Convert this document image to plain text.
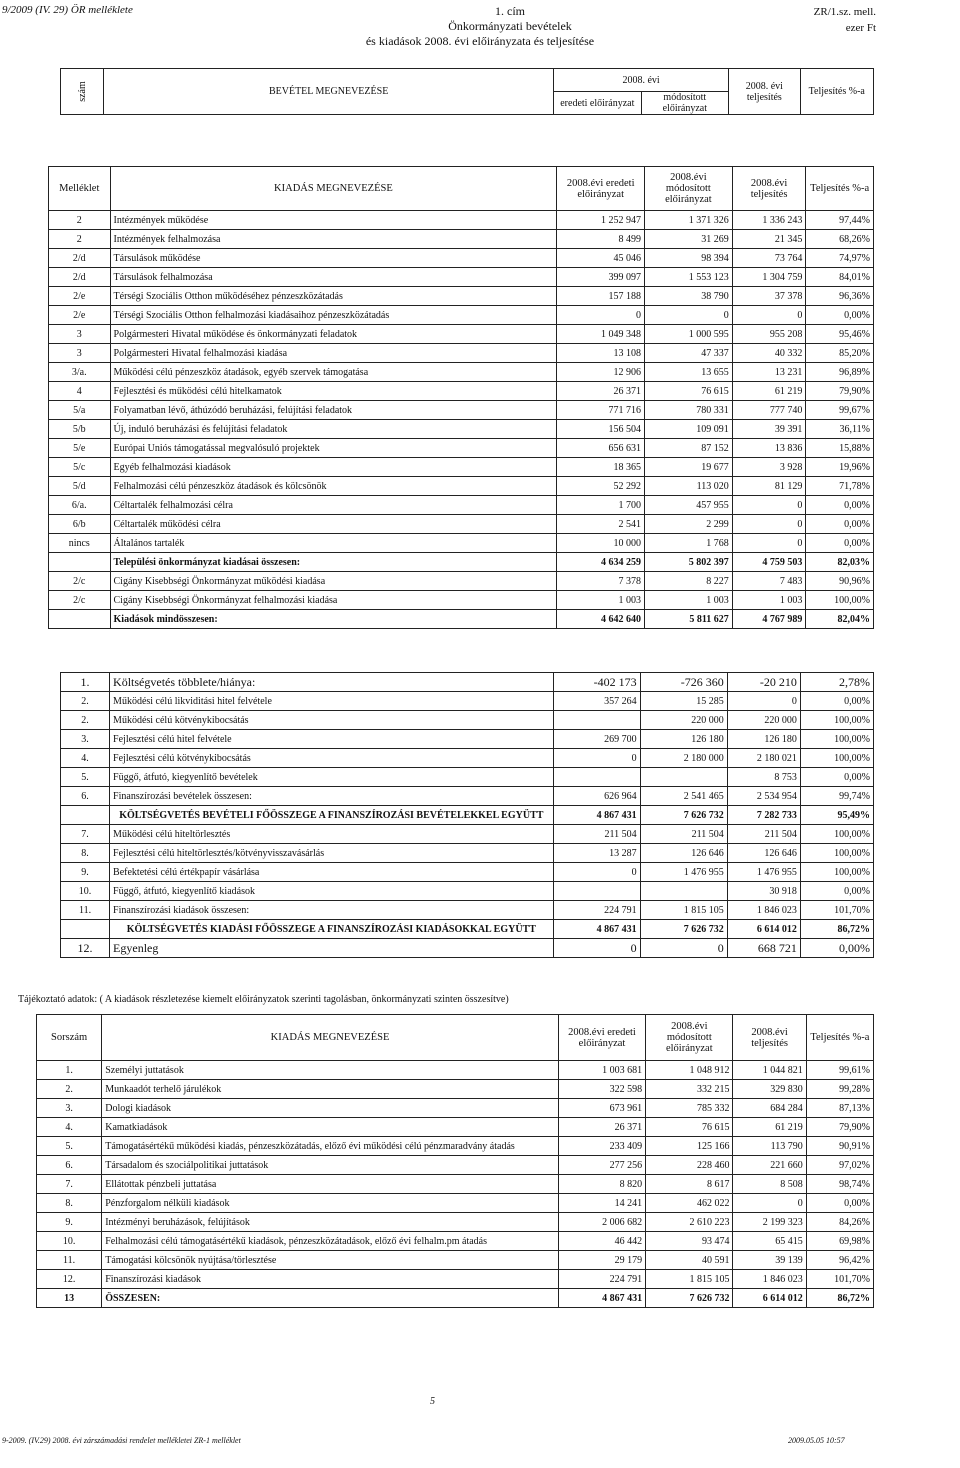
9/2009 (IV. 29) ÖR melléklete	1. cím
Önkormányzati bevételek
és kiadások 2008. évi előirányzata és teljesítése
ZR/1.sz. mell.
ezer Ft
szám	BEVÉTEL MEGNEVEZÉSE	2008. évi		2008. évi teljesítés	Teljesítés %-a
		eredeti előirányzat	módosított előirányzat		
Melléklet	KIADÁS MEGNEVEZÉSE	2008.évi eredeti előirányzat	2008.évi módosított előirányzat	2008.évi teljesítés	Teljesítés %-a
2	Intézmények működése	1 252 947	1 371 326	1 336 243	97,44%
2	Intézmények felhalmozása	8 499	31 269	21 345	68,26%
2/d	Társulások működése	45 046	98 394	73 764	74,97%
2/d	Társulások felhalmozása	399 097	1 553 123	1 304 759	84,01%
2/e	Térségi Szociális Otthon működéséhez pénzeszközátadás	157 188	38 790	37 378	96,36%
2/e	Térségi Szociális Otthon felhalmozási kiadásaihoz pénzeszközátadás	0	0	0	0,00%
3	Polgármesteri Hivatal működése és önkormányzati feladatok	1 049 348	1 000 595	955 208	95,46%
3	Polgármesteri Hivatal felhalmozási kiadása	13 108	47 337	40 332	85,20%
3/a.	Működési célú pénzeszköz átadások, egyéb szervek támogatása	12 906	13 655	13 231	96,89%
4	Fejlesztési és működési célú hitelkamatok	26 371	76 615	61 219	79,90%
5/a	Folyamatban lévő, áthúzódó beruházási, felújítási feladatok	771 716	780 331	777 740	99,67%
5/b	Új, induló beruházási és felújítási feladatok	156 504	109 091	39 391	36,11%
5/e	Európai Uniós támogatással megvalósuló projektek	656 631	87 152	13 836	15,88%
5/c	Egyéb felhalmozási kiadások	18 365	19 677	3 928	19,96%
5/d	Felhalmozási célú pénzeszköz átadások és kölcsönök	52 292	113 020	81 129	71,78%
6/a.	Céltartalék felhalmozási célra	1 700	457 955	0	0,00%
6/b	Céltartalék működési célra	2 541	2 299	0	0,00%
nincs	Általános tartalék	10 000	1 768	0	0,00%
	Települési önkormányzat kiadásai összesen:	4 634 259	5 802 397	4 759 503	82,03%
2/c	Cigány Kisebbségi Önkormányzat működési kiadása	7 378	8 227	7 483	90,96%
2/c	Cigány Kisebbségi Önkormányzat felhalmozási kiadása	1 003	1 003	1 003	100,00%
	Kiadások mindösszesen:	4 642 640	5 811 627	4 767 989	82,04%
1.	Költségvetés többlete/hiánya:	-402 173	-726 360	-20 210	2,78%
2.	Működési célú likviditási hitel felvétele	357 264	15 285	0	0,00%
2.	Működési célú kötvénykibocsátás		220 000	220 000	100,00%
3.	Fejlesztési célú hitel felvétele	269 700	126 180	126 180	100,00%
4.	Fejlesztési célú kötvénykibocsátás	0	2 180 000	2 180 021	100,00%
5.	Függő, átfutó, kiegyenlítő bevételek			8 753	0,00%
6.	Finanszírozási bevételek összesen:	626 964	2 541 465	2 534 954	99,74%
	KÖLTSÉGVETÉS BEVÉTELI FŐÖSSZEGE A FINANSZÍROZÁSI BEVÉTELEKKEL EGYÜTT	4 867 431	7 626 732	7 282 733	95,49%
7.	Működési célú hiteltörlesztés	211 504	211 504	211 504	100,00%
8.	Fejlesztési célú hiteltörlesztés/kötvényvisszavásárlás	13 287	126 646	126 646	100,00%
9.	Befektetési célú értékpapír vásárlása	0	1 476 955	1 476 955	100,00%
10.	Függő, átfutó, kiegyenlítő kiadások			30 918	0,00%
11.	Finanszírozási kiadások összesen:	224 791	1 815 105	1 846 023	101,70%
	KÖLTSÉGVETÉS KIADÁSI FŐÖSSZEGE A FINANSZÍROZÁSI KIADÁSOKKAL EGYÜTT	4 867 431	7 626 732	6 614 012	86,72%
12.	Egyenleg	0	0	668 721	0,00%
Tájékoztató adatok: ( A kiadások részletezése kiemelt előirányzatok szerinti tagolásban, önkormányzati szinten összesítve)
Sorszám	KIADÁS MEGNEVEZÉSE	2008.évi eredeti előirányzat	2008.évi módosított előirányzat	2008.évi teljesítés	Teljesítés %-a
1.	Személyi juttatások	1 003 681	1 048 912	1 044 821	99,61%
2.	Munkaadót terhelő járulékok	322 598	332 215	329 830	99,28%
3.	Dologi kiadások	673 961	785 332	684 284	87,13%
4.	Kamatkiadások	26 371	76 615	61 219	79,90%
5.	Támogatásértékű működési kiadás, pénzeszközátadás, előző évi működési célú pénzmaradvány átadás	233 409	125 166	113 790	90,91%
6.	Társadalom és szociálpolitikai juttatások	277 256	228 460	221 660	97,02%
7.	Ellátottak pénzbeli juttatása	8 820	8 617	8 508	98,74%
8.	Pénzforgalom nélküli kiadások	14 241	462 022	0	0,00%
9.	Intézményi beruházások, felújítások	2 006 682	2 610 223	2 199 323	84,26%
10.	Felhalmozási célú támogatásértékű kiadások, pénzeszközátadások, előző évi felhalm.pm átadás	46 442	93 474	65 415	69,98%
11.	Támogatási kölcsönök nyújtása/törlesztése	29 179	40 591	39 139	96,42%
12.	Finanszírozási kiadások	224 791	1 815 105	1 846 023	101,70%
13	ÖSSZESEN:	4 867 431	7 626 732	6 614 012	86,72%
5
9-2009. (IV.29) 2008. évi zárszámadási rendelet mellékletei ZR-1 melléklet	2009.05.05 10:57
